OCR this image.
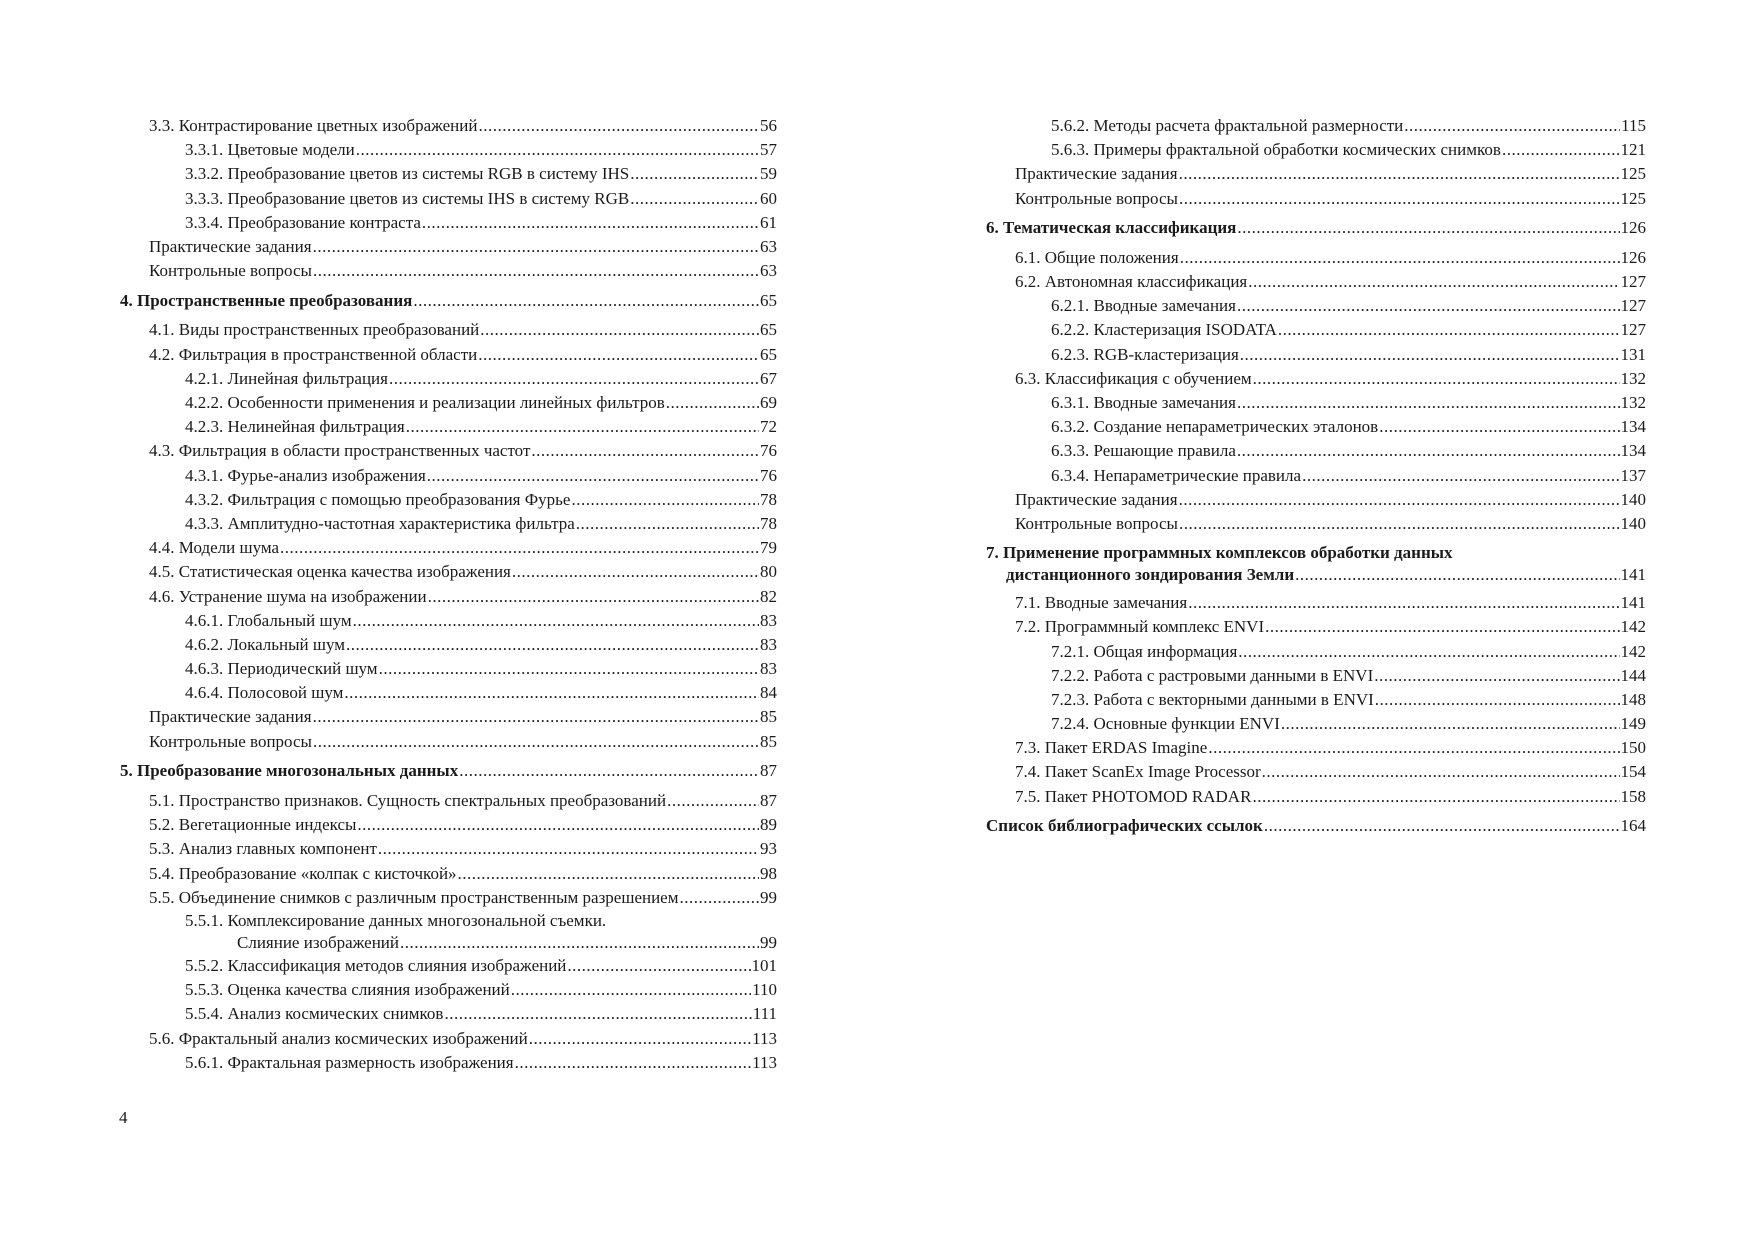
3.3. Контрастирование цветных изображений .....	56
3.3.1. Цветовые модели .....	57
3.3.2. Преобразование цветов из системы RGB в систему IHS .....	59
3.3.3. Преобразование цветов из системы IHS в систему RGB .....	60
3.3.4. Преобразование контраста .....	61
Практические задания .....	63
Контрольные вопросы .....	63
4. Пространственные преобразования .....	65
4.1. Виды пространственных преобразований .....	65
4.2. Фильтрация в пространственной области .....	65
4.2.1. Линейная фильтрация .....	67
4.2.2. Особенности применения и реализации линейных фильтров .....	69
4.2.3. Нелинейная фильтрация .....	72
4.3. Фильтрация в области пространственных частот .....	76
4.3.1. Фурье-анализ изображения .....	76
4.3.2. Фильтрация с помощью преобразования Фурье .....	78
4.3.3. Амплитудно-частотная характеристика фильтра .....	78
4.4. Модели шума .....	79
4.5. Статистическая оценка качества изображения .....	80
4.6. Устранение шума на изображении .....	82
4.6.1. Глобальный шум .....	83
4.6.2. Локальный шум .....	83
4.6.3. Периодический шум .....	83
4.6.4. Полосовой шум .....	84
Практические задания .....	85
Контрольные вопросы .....	85
5. Преобразование многозональных данных .....	87
5.1. Пространство признаков. Сущность спектральных преобразований .....	87
5.2. Вегетационные индексы .....	89
5.3. Анализ главных компонент .....	93
5.4. Преобразование «колпак с кисточкой» .....	98
5.5. Объединение снимков с различным пространственным разрешением .....	99
5.5.1. Комплексирование данных многозональной съемки.
Слияние изображений .....	99
5.5.2. Классификация методов слияния изображений .....	101
5.5.3. Оценка качества слияния изображений .....	110
5.5.4. Анализ космических снимков .....	111
5.6. Фрактальный анализ космических изображений .....	113
5.6.1. Фрактальная размерность изображения .....	113
5.6.2. Методы расчета фрактальной размерности .....	115
5.6.3. Примеры фрактальной обработки космических снимков .....	121
Практические задания .....	125
Контрольные вопросы .....	125
6. Тематическая классификация .....	126
6.1. Общие положения .....	126
6.2. Автономная классификация .....	127
6.2.1. Вводные замечания .....	127
6.2.2. Кластеризация ISODATA .....	127
6.2.3. RGB-кластеризация .....	131
6.3. Классификация с обучением .....	132
6.3.1. Вводные замечания .....	132
6.3.2. Создание непараметрических эталонов .....	134
6.3.3. Решающие правила .....	134
6.3.4. Непараметрические правила .....	137
Практические задания .....	140
Контрольные вопросы .....	140
7. Применение программных комплексов обработки данных
дистанционного зондирования Земли .....	141
7.1. Вводные замечания .....	141
7.2. Программный комплекс ENVI .....	142
7.2.1. Общая информация .....	142
7.2.2. Работа с растровыми данными в ENVI .....	144
7.2.3. Работа с векторными данными в ENVI .....	148
7.2.4. Основные функции ENVI .....	149
7.3. Пакет ERDAS Imagine .....	150
7.4. Пакет ScanEx Image Processor .....	154
7.5. Пакет PHOTOMOD RADAR .....	158
Список библиографических ссылок .....	164
4
